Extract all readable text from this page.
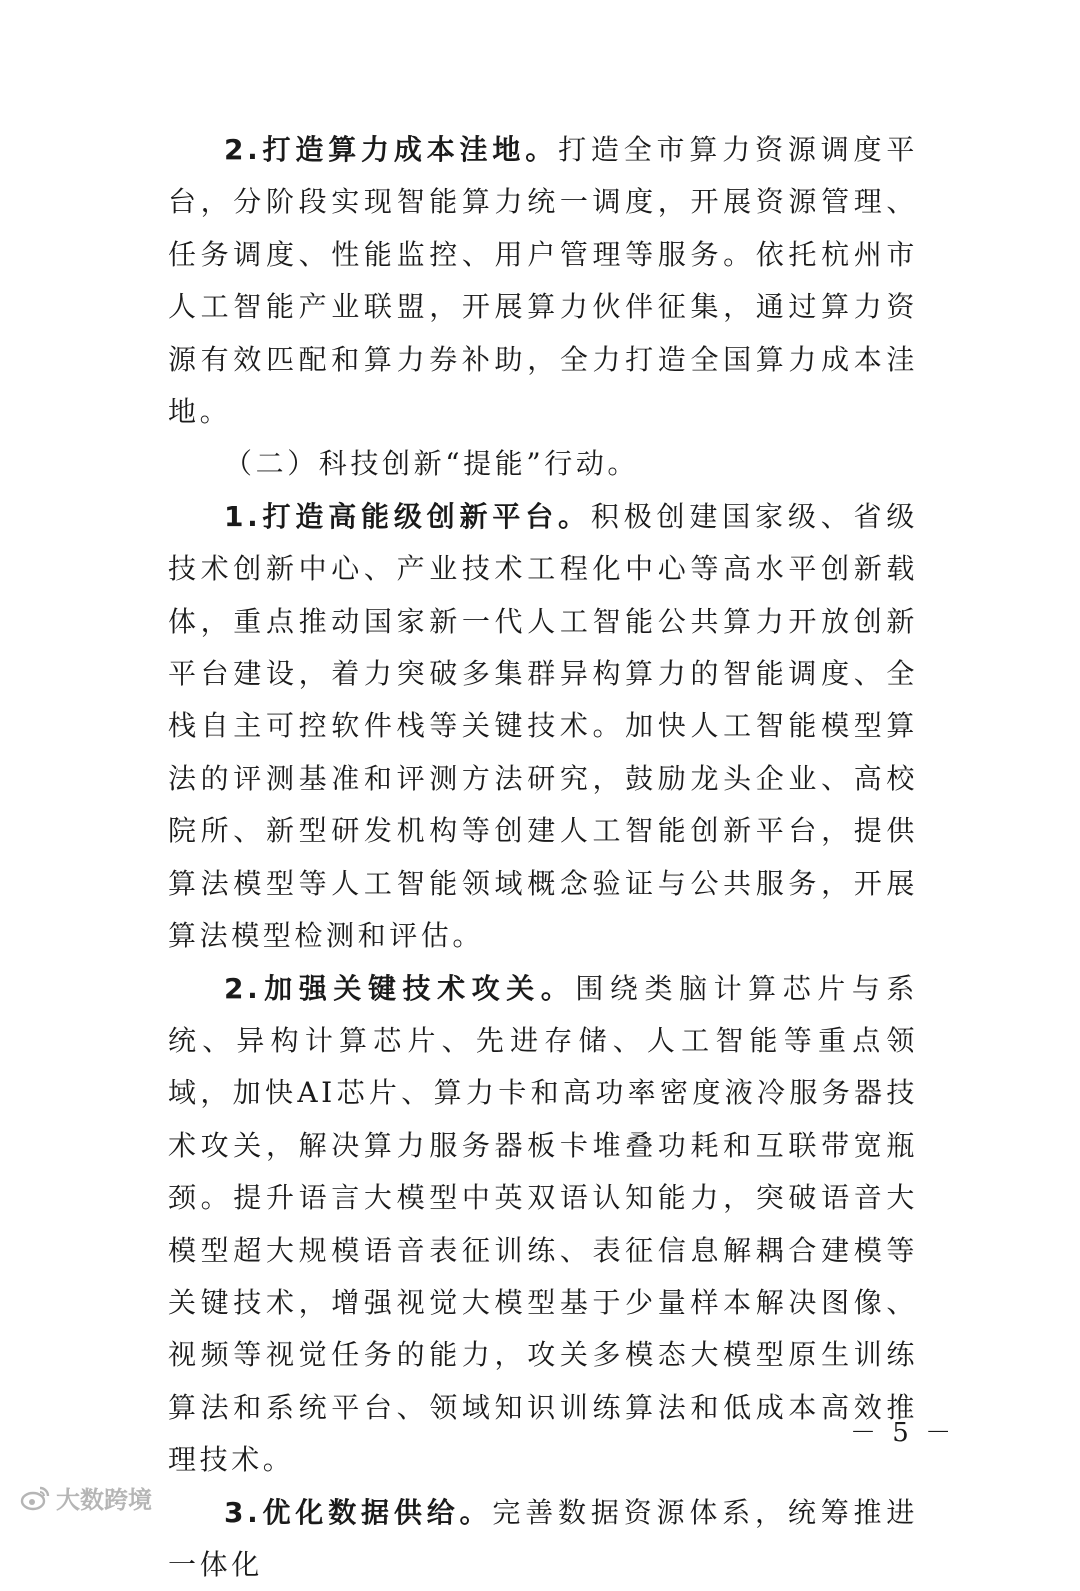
2.打造算力成本洼地。打造全市算力资源调度平台，分阶段实现智能算力统一调度，开展资源管理、任务调度、性能监控、用户管理等服务。依托杭州市人工智能产业联盟，开展算力伙伴征集，通过算力资源有效匹配和算力券补助，全力打造全国算力成本洼地。

（二）科技创新“提能”行动。

1.打造高能级创新平台。积极创建国家级、省级技术创新中心、产业技术工程化中心等高水平创新载体，重点推动国家新一代人工智能公共算力开放创新平台建设，着力突破多集群异构算力的智能调度、全栈自主可控软件栈等关键技术。加快人工智能模型算法的评测基准和评测方法研究，鼓励龙头企业、高校院所、新型研发机构等创建人工智能创新平台，提供算法模型等人工智能领域概念验证与公共服务，开展算法模型检测和评估。

2.加强关键技术攻关。围绕类脑计算芯片与系统、异构计算芯片、先进存储、人工智能等重点领域，加快AI芯片、算力卡和高功率密度液冷服务器技术攻关，解决算力服务器板卡堆叠功耗和互联带宽瓶颈。提升语言大模型中英双语认知能力，突破语音大模型超大规模语音表征训练、表征信息解耦合建模等关键技术，增强视觉大模型基于少量样本解决图像、视频等视觉任务的能力，攻关多模态大模型原生训练算法和系统平台、领域知识训练算法和低成本高效推理技术。

3.优化数据供给。完善数据资源体系，统筹推进一体化

－ 5 －
大数跨境
